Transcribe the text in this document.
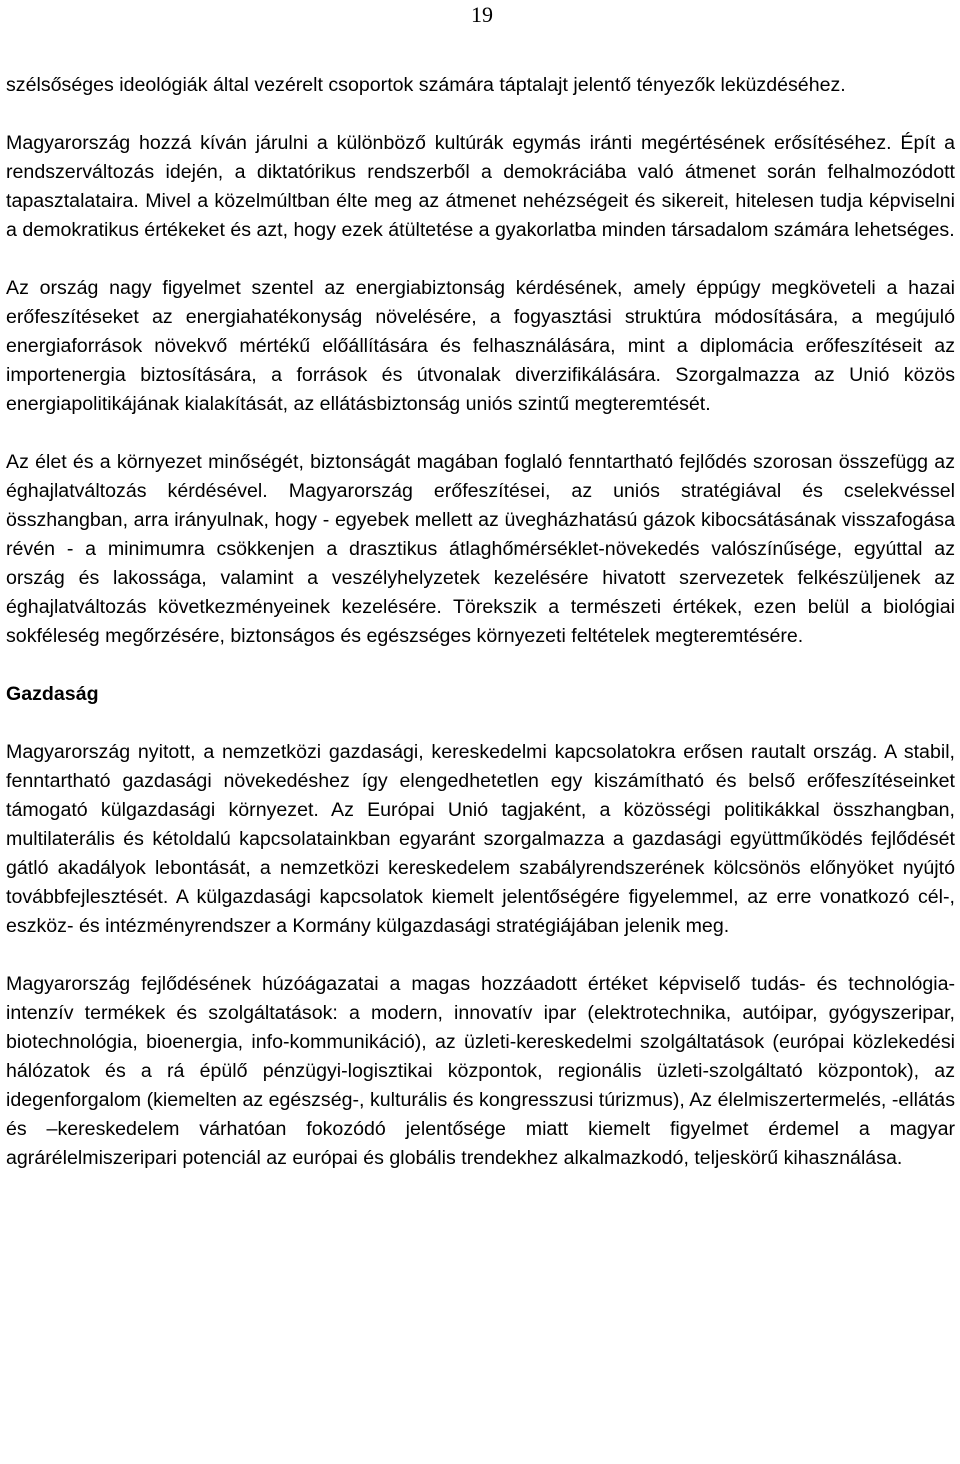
19

szélsőséges ideológiák által vezérelt csoportok számára táptalajt jelentő tényezők leküzdéséhez.

Magyarország hozzá kíván járulni a különböző kultúrák egymás iránti megértésének erősítéséhez. Épít a rendszerváltozás idején, a diktatórikus rendszerből a demokráciába való átmenet során felhalmozódott tapasztalataira. Mivel a közelmúltban élte meg az átmenet nehézségeit és sikereit, hitelesen tudja képviselni a demokratikus értékeket és azt, hogy ezek átültetése a gyakorlatba minden társadalom számára lehetséges.

Az ország nagy figyelmet szentel az energiabiztonság kérdésének, amely éppúgy megköveteli a hazai erőfeszítéseket az energiahatékonyság növelésére, a fogyasztási struktúra módosítására, a megújuló energiaforrások növekvő mértékű előállítására és felhasználására, mint a diplomácia erőfeszítéseit az importenergia biztosítására, a források és útvonalak diverzifikálására. Szorgalmazza az Unió közös energiapolitikájának kialakítását, az ellátásbiztonság uniós szintű megteremtését.

Az élet és a környezet minőségét, biztonságát magában foglaló fenntartható fejlődés szorosan összefügg az éghajlatváltozás kérdésével. Magyarország erőfeszítései, az uniós stratégiával és cselekvéssel összhangban, arra irányulnak, hogy - egyebek mellett az üvegházhatású gázok kibocsátásának visszafogása révén - a minimumra csökkenjen a drasztikus átlaghőmérséklet-növekedés valószínűsége, egyúttal az ország és lakossága, valamint a veszélyhelyzetek kezelésére hivatott szervezetek felkészüljenek az éghajlatváltozás következményeinek kezelésére. Törekszik a természeti értékek, ezen belül a biológiai sokféleség megőrzésére, biztonságos és egészséges környezeti feltételek megteremtésére.

Gazdaság

Magyarország nyitott, a nemzetközi gazdasági, kereskedelmi kapcsolatokra erősen rautalt ország. A stabil, fenntartható gazdasági növekedéshez így elengedhetetlen egy kiszámítható és belső erőfeszítéseinket támogató külgazdasági környezet. Az Európai Unió tagjaként, a közösségi politikákkal összhangban, multilaterális és kétoldalú kapcsolatainkban egyaránt szorgalmazza a gazdasági együttműködés fejlődését gátló akadályok lebontását, a nemzetközi kereskedelem szabályrendszerének kölcsönös előnyöket nyújtó továbbfejlesztését. A külgazdasági kapcsolatok kiemelt jelentőségére figyelemmel, az erre vonatkozó cél-, eszköz- és intézményrendszer a Kormány külgazdasági stratégiájában jelenik meg.

Magyarország fejlődésének húzóágazatai a magas hozzáadott értéket képviselő tudás- és technológia-intenzív termékek és szolgáltatások: a modern, innovatív ipar (elektrotechnika, autóipar, gyógyszeripar, biotechnológia, bioenergia, info-kommunikáció), az üzleti-kereskedelmi szolgáltatások (európai közlekedési hálózatok és a rá épülő pénzügyi-logisztikai központok, regionális üzleti-szolgáltató központok), az idegenforgalom (kiemelten az egészség-, kulturális és kongresszusi túrizmus), Az élelmiszertermelés, -ellátás és –kereskedelem várhatóan fokozódó jelentősége miatt kiemelt figyelmet érdemel a magyar agrárélelmiszeripari potenciál az európai és globális trendekhez alkalmazkodó, teljeskörű kihasználása.
